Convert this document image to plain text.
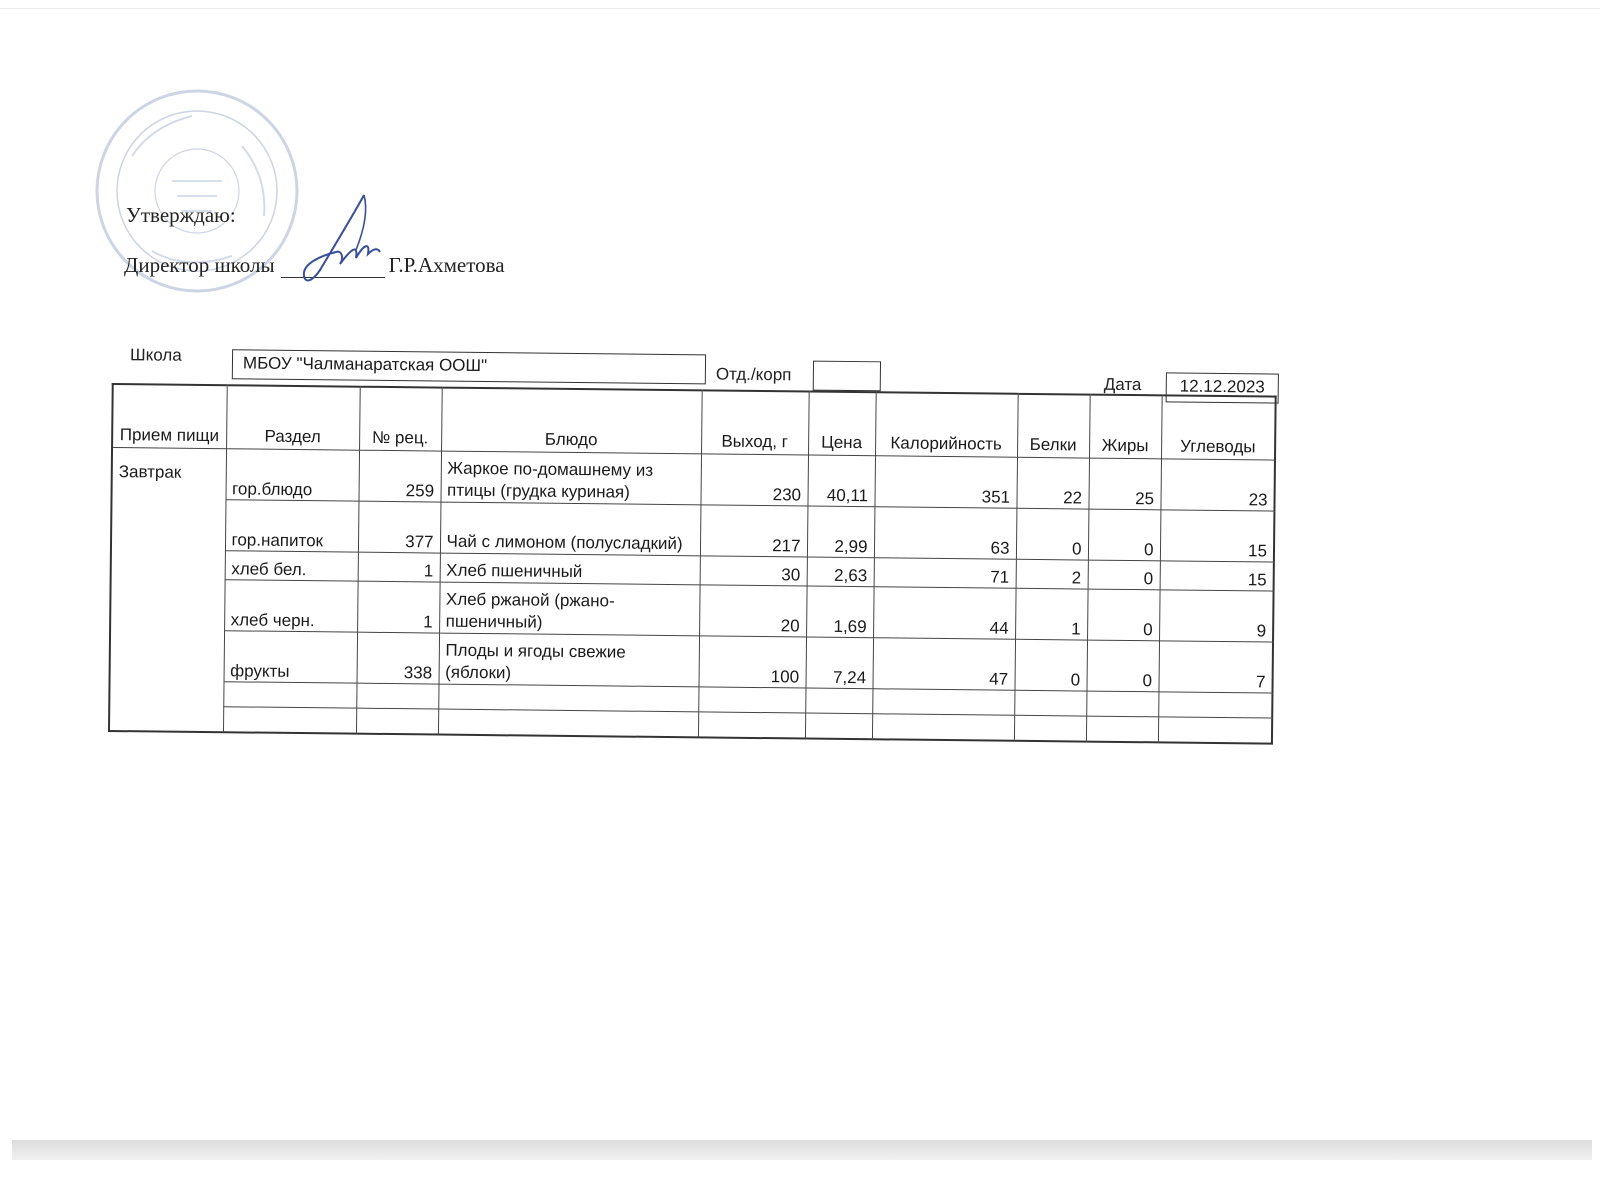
Утверждаю:
Директор школы	Г.Р.Ахметова
Школа	МБОУ "Чалманаратская ООШ"	Отд./корп
Дата	12.12.2023
Прием пищи	Раздел	№ рец.	Блюдо	Выход, г	Цена	Калорийность	Белки	Жиры	Углеводы
Завтрак	гор.блюдо	259	Жаркое по-домашнему из птицы (грудка куриная)	230	40,11	351	22	25	23
	гор.напиток	377	Чай с лимоном (полусладкий)	217	2,99	63	0	0	15
	хлеб бел.	1	Хлеб пшеничный	30	2,63	71	2	0	15
	хлеб черн.	1	Хлеб ржаной (ржано-пшеничный)	20	1,69	44	1	0	9
	фрукты	338	Плоды и ягоды свежие (яблоки)	100	7,24	47	0	0	7
